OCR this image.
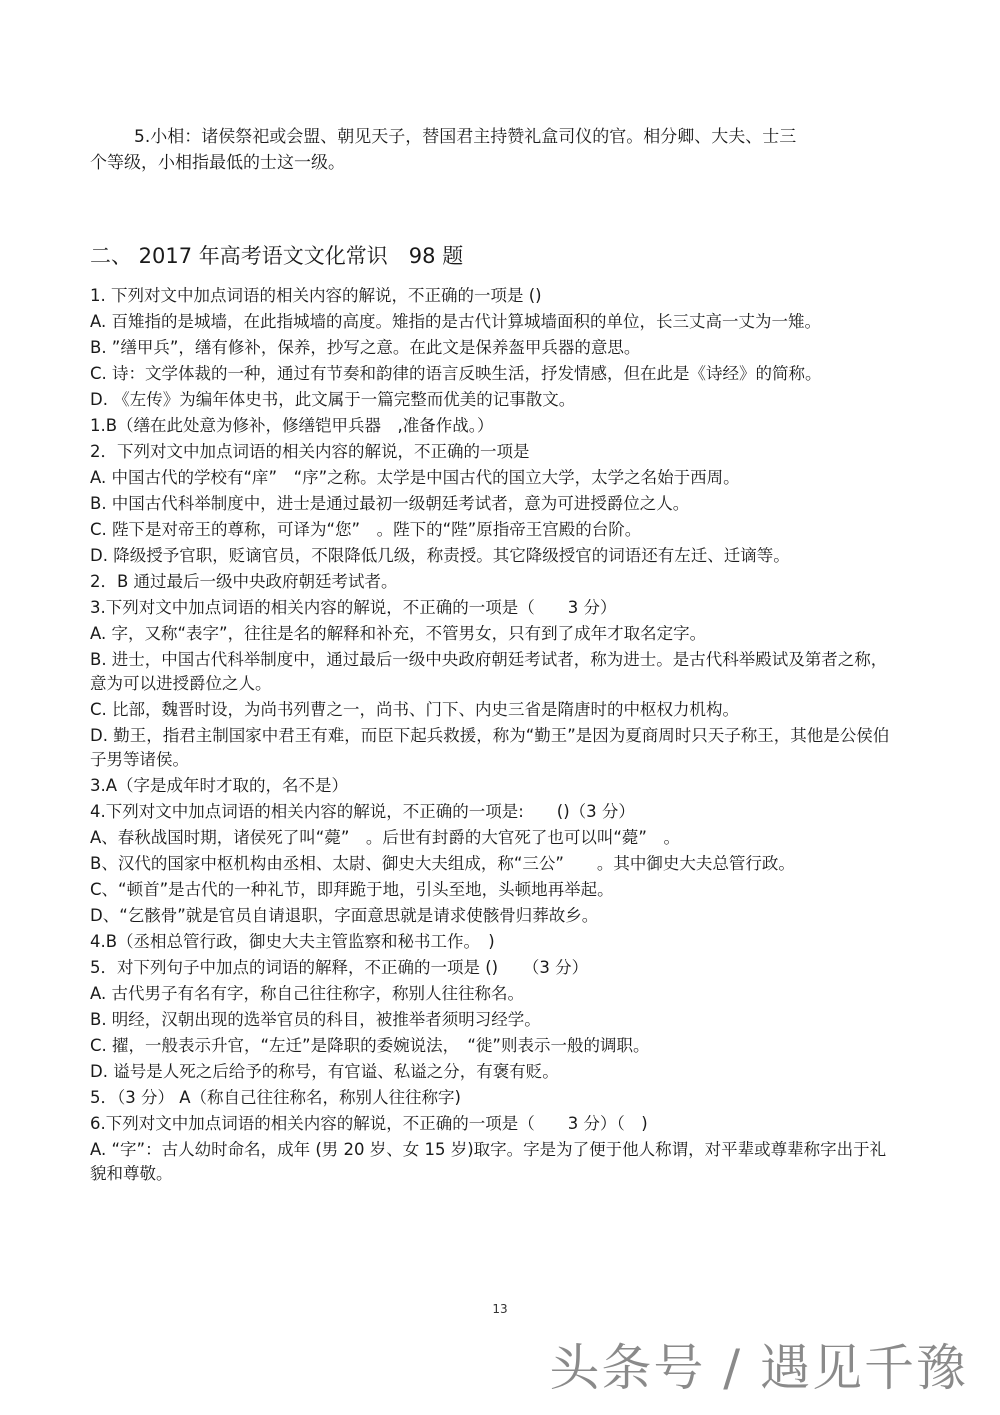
5.小相：诸侯祭祀或会盟、朝见天子，替国君主持赞礼盒司仪的官。相分卿、大夫、士三

个等级，小相指最低的士这一级。

二、 2017 年高考语文文化常识　98 题

1. 下列对文中加点词语的相关内容的解说，不正确的一项是 ()

A. 百雉指的是城墙，在此指城墙的高度。雉指的是古代计算城墙面积的单位，长三丈高一丈为一雉。

B. ”缮甲兵”，缮有修补，保养，抄写之意。在此文是保养盔甲兵器的意思。

C. 诗：文学体裁的一种，通过有节奏和韵律的语言反映生活，抒发情感，但在此是《诗经》的简称。

D. 《左传》为编年体史书，此文属于一篇完整而优美的记事散文。

1.B（缮在此处意为修补，修缮铠甲兵器　,准备作战。）

2．下列对文中加点词语的相关内容的解说，不正确的一项是

A. 中国古代的学校有“庠”　“序”之称。太学是中国古代的国立大学，太学之名始于西周。

B. 中国古代科举制度中，进士是通过最初一级朝廷考试者，意为可进授爵位之人。

C. 陛下是对帝王的尊称，可译为“您”　。陛下的“陛”原指帝王宫殿的台阶。

D. 降级授予官职，贬谪官员，不限降低几级，称责授。其它降级授官的词语还有左迁、迁谪等。

2．B 通过最后一级中央政府朝廷考试者。

3.下列对文中加点词语的相关内容的解说，不正确的一项是（　　3 分）

A. 字，又称“表字”，往往是名的解释和补充，不管男女，只有到了成年才取名定字。

B. 进士，中国古代科举制度中，通过最后一级中央政府朝廷考试者，称为进士。是古代科举殿试及第者之称，意为可以进授爵位之人。

C. 比部，魏晋时设，为尚书列曹之一，尚书、门下、内史三省是隋唐时的中枢权力机构。

D. 勤王，指君主制国家中君王有难，而臣下起兵救援，称为“勤王”是因为夏商周时只天子称王，其他是公侯伯子男等诸侯。

3.A（字是成年时才取的，名不是）

4.下列对文中加点词语的相关内容的解说，不正确的一项是:　　()（3 分）

A、春秋战国时期，诸侯死了叫“薨”　。后世有封爵的大官死了也可以叫“薨”　。

B、汉代的国家中枢机构由丞相、太尉、御史大夫组成，称“三公”　　。其中御史大夫总管行政。

C、“顿首”是古代的一种礼节，即拜跪于地，引头至地，头顿地再举起。

D、“乞骸骨”就是官员自请退职，字面意思就是请求使骸骨归葬故乡。

4.B（丞相总管行政，御史大夫主管监察和秘书工作。　)

5．对下列句子中加点的词语的解释，不正确的一项是 ()　　（3 分）

A. 古代男子有名有字，称自己往往称字，称别人往往称名。

B. 明经，汉朝出现的选举官员的科目，被推举者须明习经学。

C. 擢，一般表示升官，“左迁”是降职的委婉说法，　“徙”则表示一般的调职。

D. 谥号是人死之后给予的称号，有官谥、私谥之分，有褒有贬。

5．（3 分） A（称自己往往称名，称别人往往称字)

6.下列对文中加点词语的相关内容的解说，不正确的一项是（　　3 分）（　)

A. “字”：古人幼时命名，成年 (男 20 岁、女 15 岁)取字。字是为了便于他人称谓，对平辈或尊辈称字出于礼貌和尊敬。

13
头条号 / 遇见千豫
